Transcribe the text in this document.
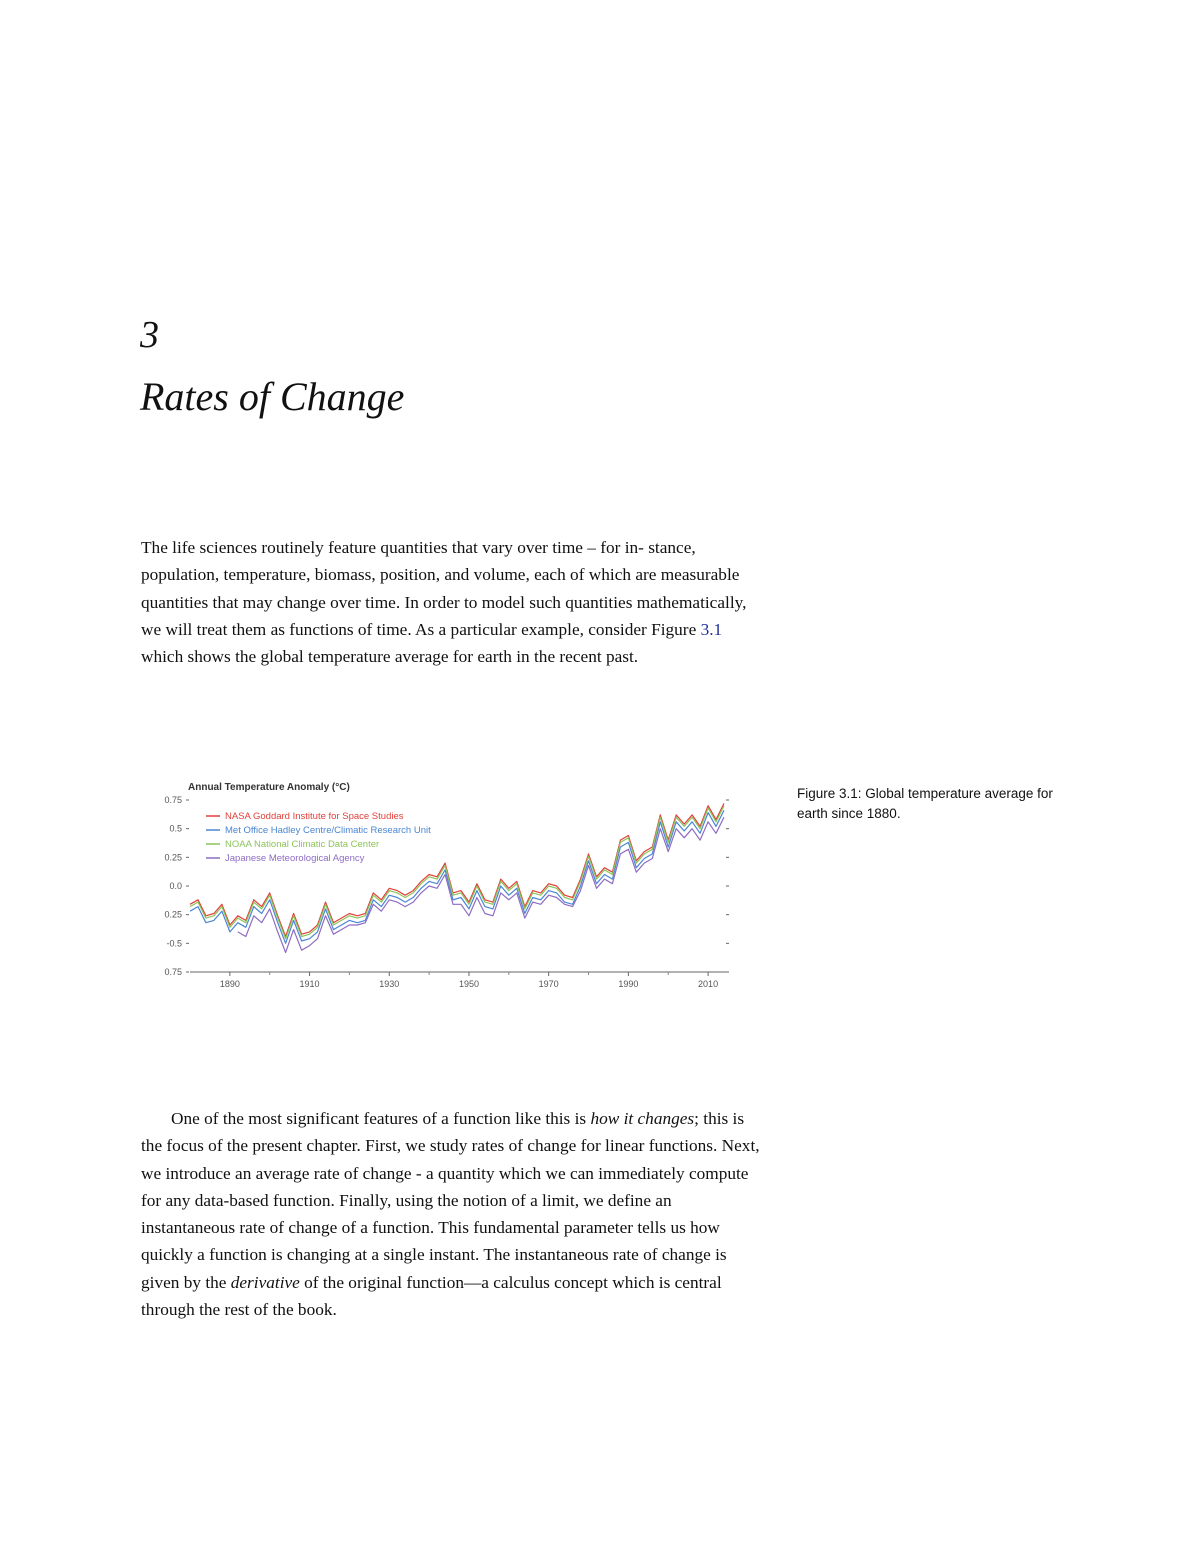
3
Rates of Change

The life sciences routinely feature quantities that vary over time – for in- stance, population, temperature, biomass, position, and volume, each of which are measurable quantities that may change over time. In order to model such quantities mathematically, we will treat them as functions of time. As a particular example, consider Figure 3.1 which shows the global temperature average for earth in the recent past.

Annual Temperature Anomaly (°C)
1890	1910	1930	1950	1970	1990	2010
0.75
0.5
0.25
0.0
0.25
-0.5
0.75
NASA Goddard Institute for Space Studies
Met Office Hadley Centre/Climatic Research Unit
NOAA National Climatic Data Center
Japanese Meteorological Agency

Figure 3.1: Global temperature average for earth since 1880.

One of the most significant features of a function like this is how it changes; this is the focus of the present chapter. First, we study rates of change for linear functions. Next, we introduce an average rate of change - a quantity which we can immediately compute for any data-based function. Finally, using the notion of a limit, we define an instantaneous rate of change of a function. This fundamental parameter tells us how quickly a function is changing at a single instant. The instantaneous rate of change is given by the derivative of the original function—a calculus concept which is central through the rest of the book.
